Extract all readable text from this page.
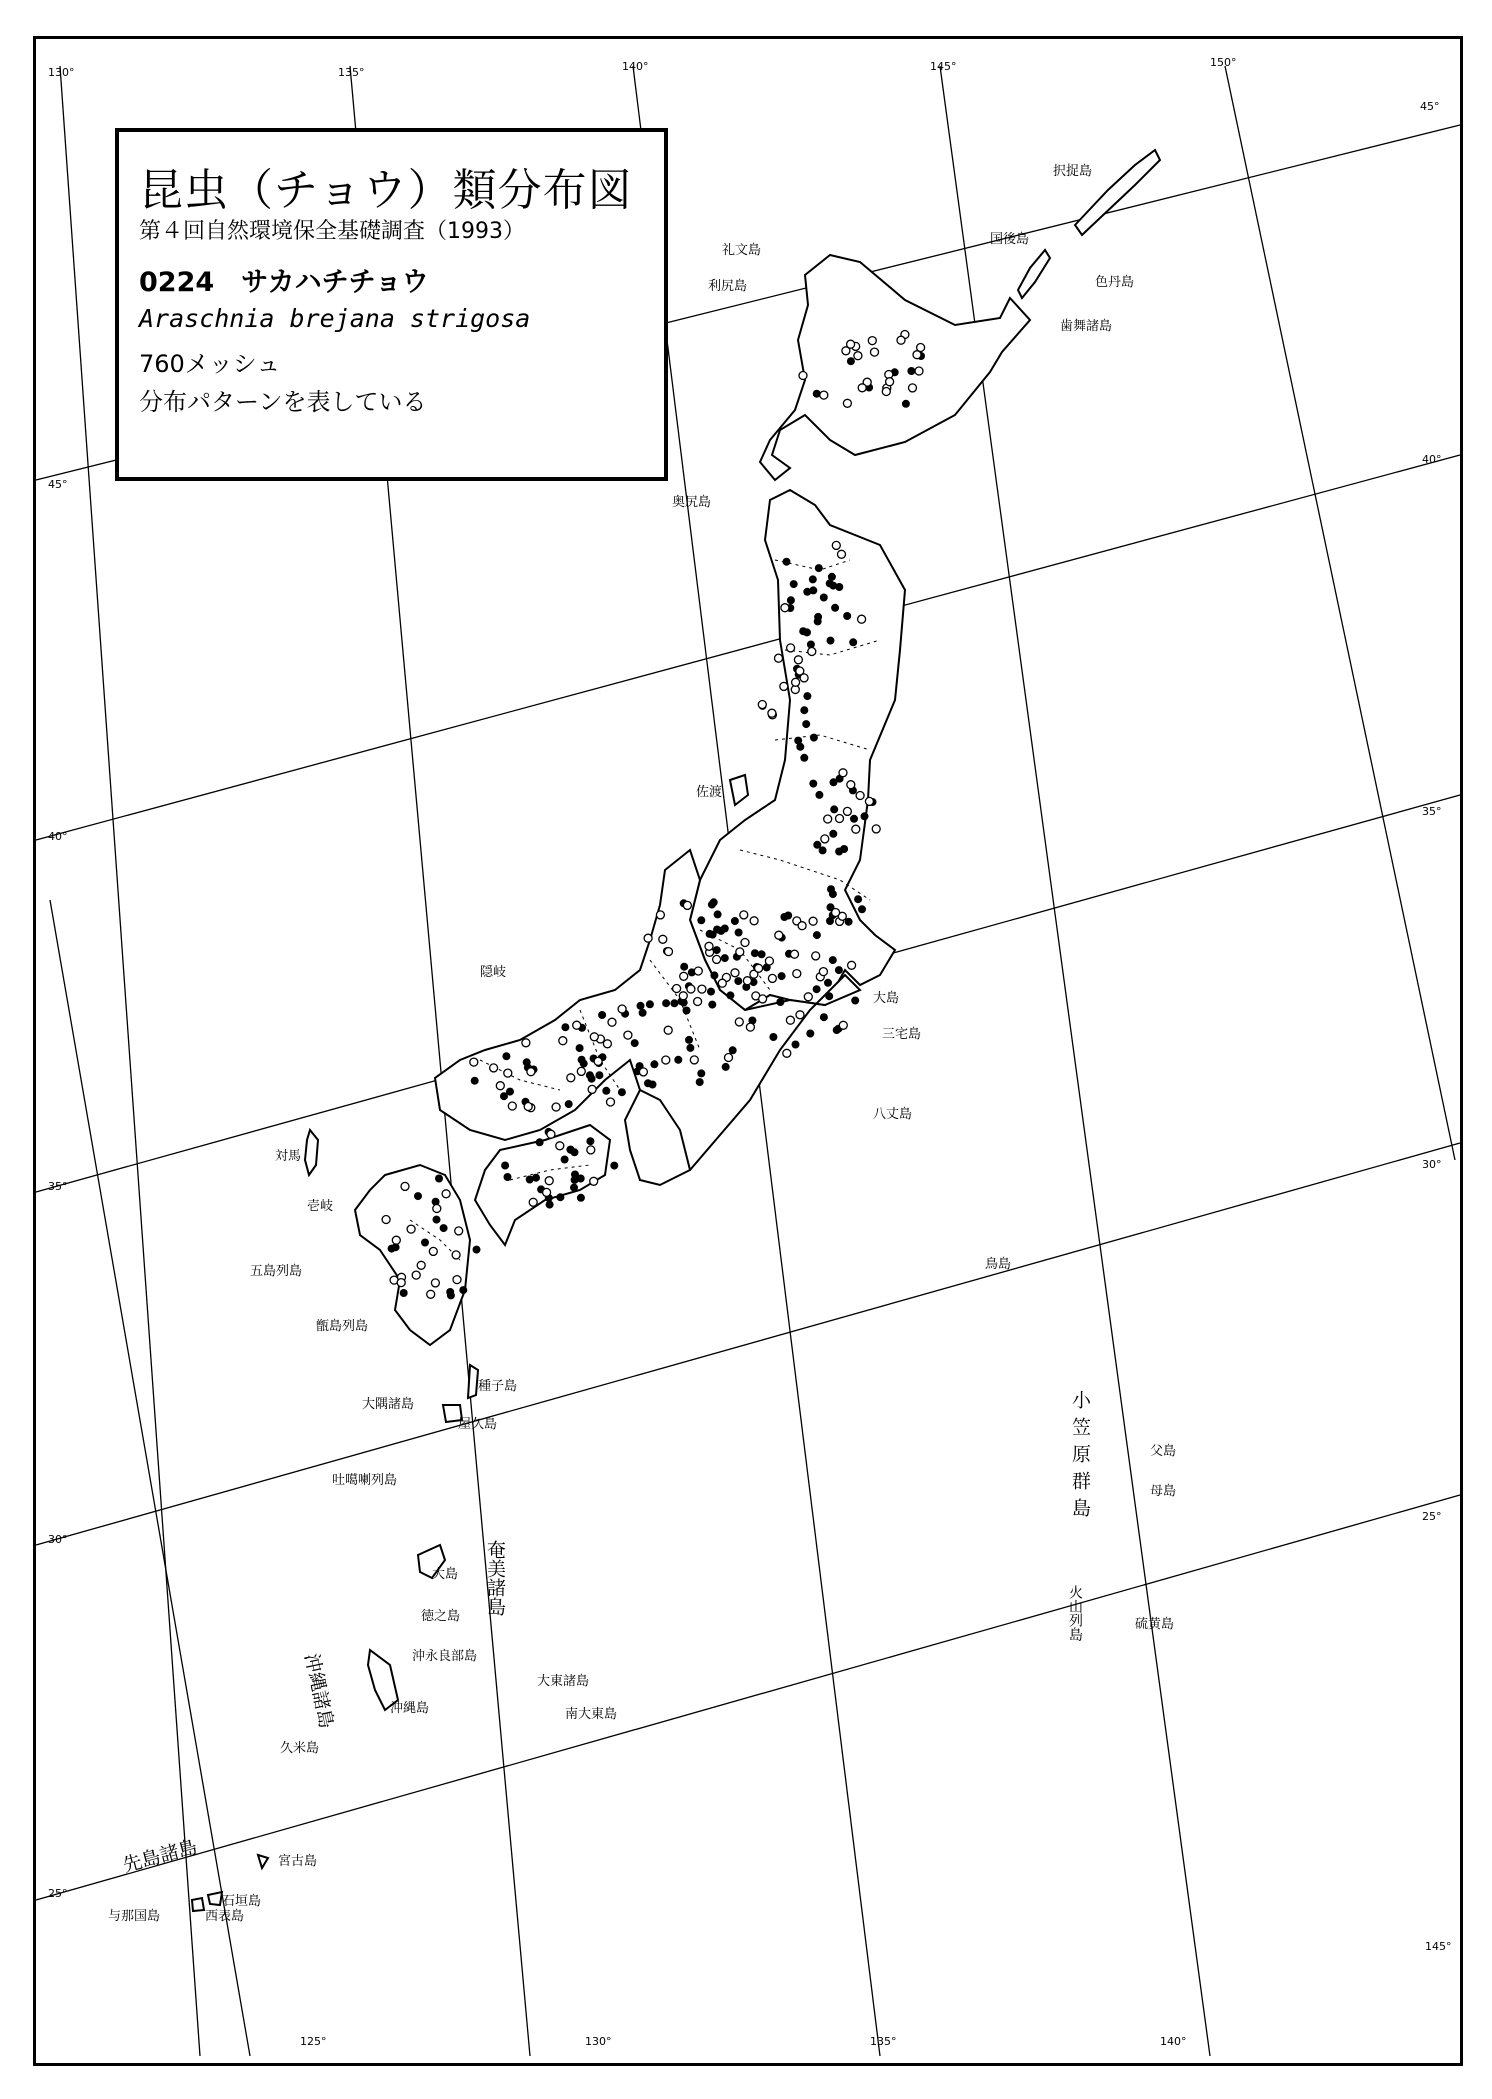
130°	135°	140°	145°	150°
125°	130°	135°	140°
145°
45°
40°
35°
30°
25°
45°
40°
35°
30°
25°
択捉島
国後島
色丹島
歯舞諸島
礼文島
利尻島
奥尻島
佐渡
隠岐
大島
三宅島
八丈島
対馬
壱岐
五島列島
甑島列島
鳥島
種子島
大隅諸島
屋久島
吐噶喇列島
大島
徳之島
沖永良部島
沖縄島
久米島
大東諸島
南大東島
父島
母島
硫黄島
宮古島
石垣島
与那国島	西表島
奄美諸島
小笠原群島
火山列島
沖縄諸島
先島諸島
昆虫（チョウ）類分布図
第４回自然環境保全基礎調査（1993）
0224　サカハチチョウ
Araschnia brejana strigosa
760メッシュ
分布パターンを表している
